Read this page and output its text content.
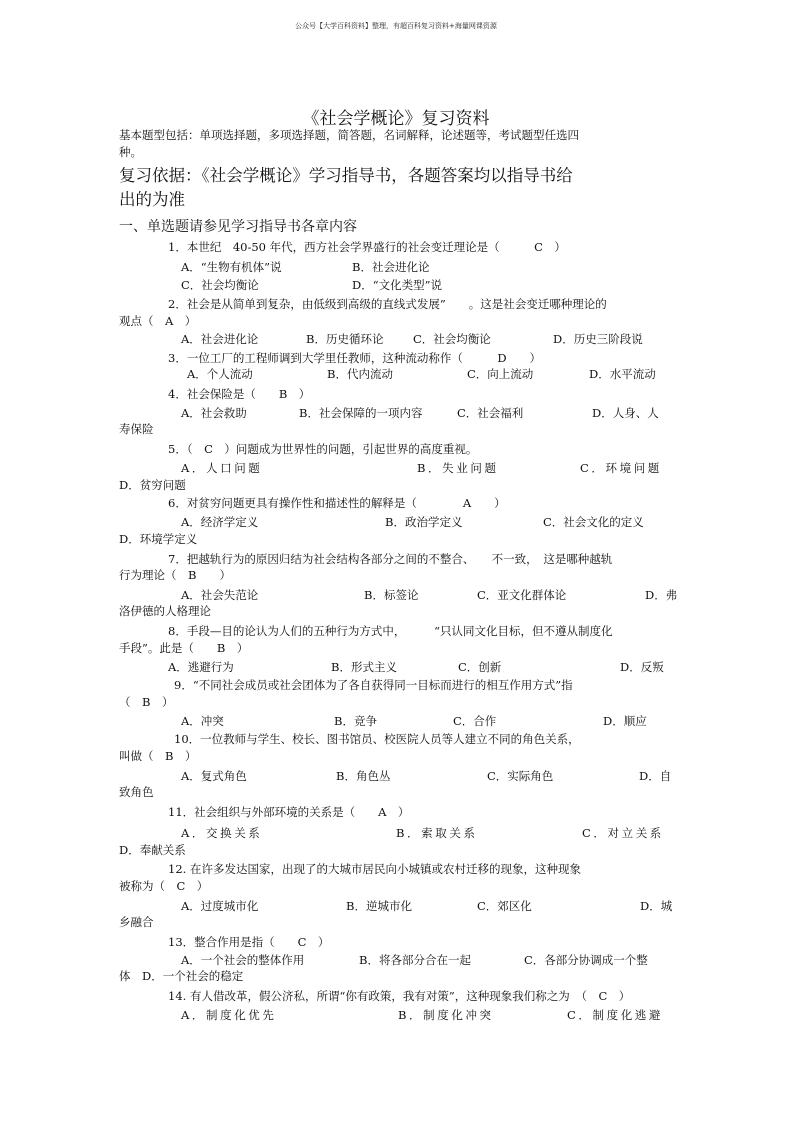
公众号【大学百科资料】整理，有超百科复习资料+海量网课资源
《社会学概论》复习资料
基本题型包括：单项选择题，多项选择题，简答题，名词解释，论述题等，考试题型任选四
种。
复习依据：《社会学概论》学习指导书，各题答案均以指导书给
出的为准
一、单选题请参见学习指导书各章内容
1．本世纪　40-50 年代，西方社会学界盛行的社会变迁理论是（　　　C　）
A．“生物有机体”说	B．社会进化论
C．社会均衡论	D．“文化类型”说
2．社会是从简单到复杂，由低级到高级的直线式发展”　　。这是社会变迁哪种理论的
观点（　A　）
A．社会进化论	B．历史循环论	C．社会均衡论	D．历史三阶段说
3．一位工厂的工程师调到大学里任教师，这种流动称作（　　　D　　）
A．个人流动	B．代内流动	C．向上流动	D．水平流动
4．社会保险是（　　B　）
A．社会救助	B．社会保障的一项内容	C．社会福利	D．人身、人
寿保险
5．（　C　）问题成为世界性的问题，引起世界的高度重视。
A．人口问题	B．失业问题	C．环境问题
D．贫穷问题
6．对贫穷问题更具有操作性和描述性的解释是（　　　　A　　）
A．经济学定义	B．政治学定义	C．社会文化的定义
D．环境学定义
7．把越轨行为的原因归结为社会结构各部分之间的不整合、　　不一致，　这是哪种越轨
行为理论（　B　　）
A．社会失范论	B．标签论	C．亚文化群体论	D．弗
洛伊德的人格理论
8．手段—目的论认为人们的五种行为方式中，　　　“只认同文化目标，但不遵从制度化
手段”。此是（　　B　）
A．逃避行为	B．形式主义	C．创新	D．反叛
9．“不同社会成员或社会团体为了各自获得同一目标而进行的相互作用方式”指
（　B　）
A．冲突	B．竞争	C．合作	D．顺应
10．一位教师与学生、校长、图书馆员、校医院人员等人建立不同的角色关系，
叫做（　B　）
A．复式角色	B．角色丛	C．实际角色	D．自
致角色
11．社会组织与外部环境的关系是（　　A　）
A．交换关系	B．索取关系	C．对立关系
D．奉献关系
12. 在许多发达国家，出现了的大城市居民向小城镇或农村迁移的现象，这种现象
被称为（　C　）
A．过度城市化	B．逆城市化	C．郊区化	D．城
乡融合
13．整合作用是指（　　C　）
A．一个社会的整体作用	B．将各部分合在一起	C．各部分协调成一个整
体　D．一个社会的稳定
14. 有人借改革，假公济私，所谓“你有政策，我有对策”，这种现象我们称之为　（　C　）
A．制度化优先	B．制度化冲突	C．制度化逃避
